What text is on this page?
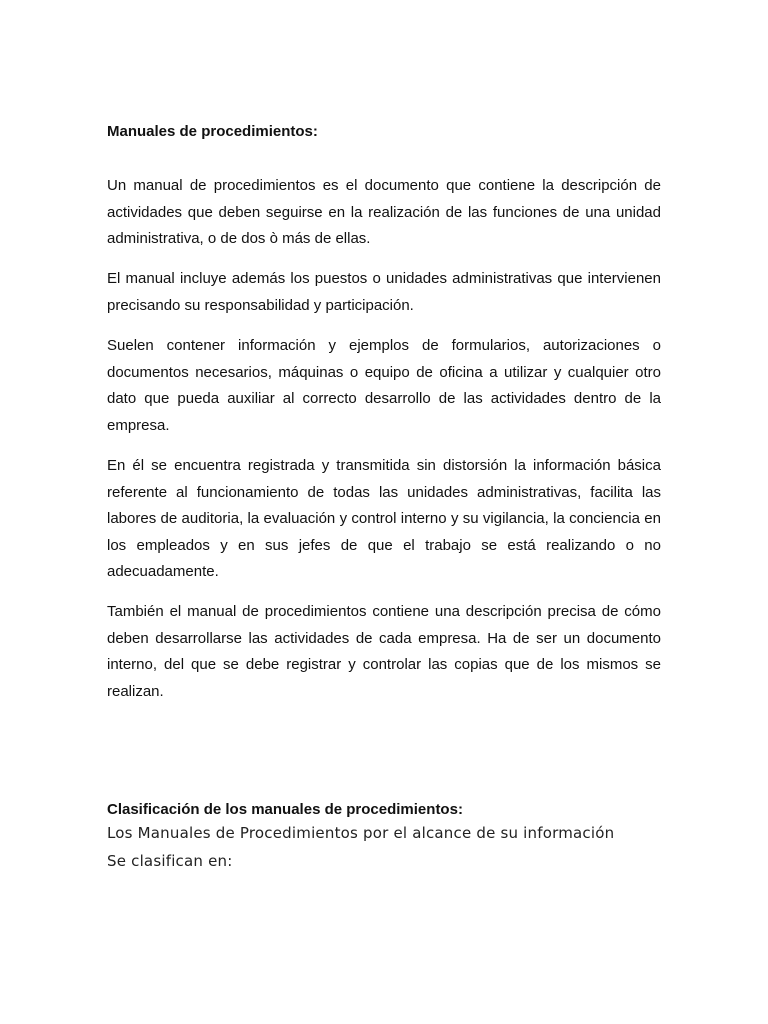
Manuales de procedimientos:

Un manual de procedimientos es el documento que contiene la descripción de actividades que deben seguirse en la realización de las funciones de una unidad administrativa, o de dos ò más de ellas.

El manual incluye además los puestos o unidades administrativas que intervienen precisando su responsabilidad y participación.

Suelen contener información y ejemplos de formularios, autorizaciones o documentos necesarios, máquinas o equipo de oficina a utilizar y cualquier otro dato que pueda auxiliar al correcto desarrollo de las actividades dentro de la empresa.

En él se encuentra registrada y transmitida sin distorsión la información básica referente al funcionamiento de todas las unidades administrativas, facilita las labores de auditoria, la evaluación y control interno y su vigilancia, la conciencia en los empleados y en sus jefes de que el trabajo se está realizando o no adecuadamente.

También el manual de procedimientos contiene una descripción precisa de cómo deben desarrollarse las actividades de cada empresa. Ha de ser un documento interno, del que se debe registrar y controlar las copias que de los mismos se realizan.

Clasificación de los manuales de procedimientos:

Los Manuales de Procedimientos por el alcance de su información

Se clasifican en:
